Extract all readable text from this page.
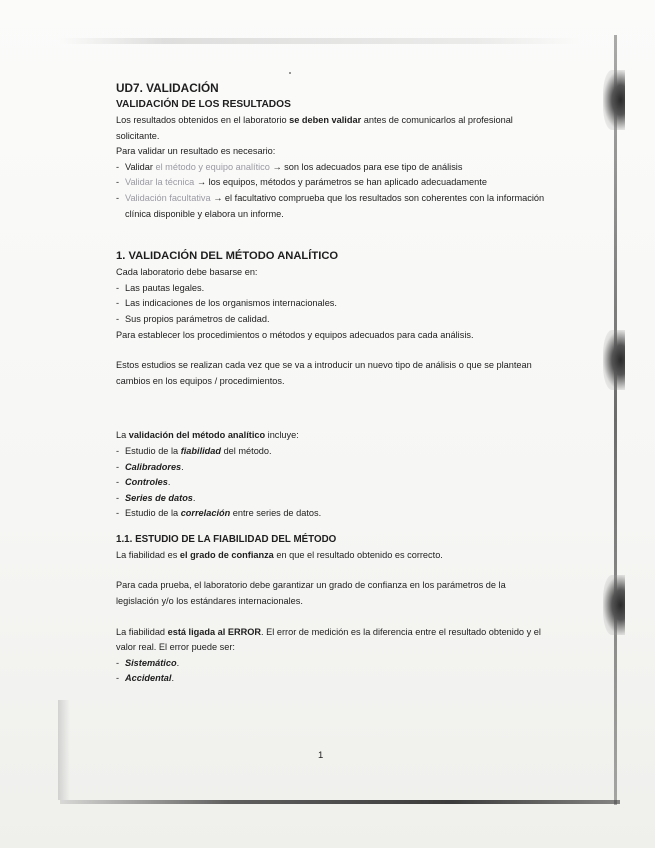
UD7. VALIDACIÓN
VALIDACIÓN DE LOS RESULTADOS

Los resultados obtenidos en el laboratorio se deben validar antes de comunicarlos al profesional solicitante.

Para validar un resultado es necesario:

- Validar el método y equipo analítico → son los adecuados para ese tipo de análisis
- Validar la técnica → los equipos, métodos y parámetros se han aplicado adecuadamente
- Validación facultativa → el facultativo comprueba que los resultados son coherentes con la información clínica disponible y elabora un informe.
1. VALIDACIÓN DEL MÉTODO ANALÍTICO

Cada laboratorio debe basarse en:

- Las pautas legales.
- Las indicaciones de los organismos internacionales.
- Sus propios parámetros de calidad.

Para establecer los procedimientos o métodos y equipos adecuados para cada análisis.

Estos estudios se realizan cada vez que se va a introducir un nuevo tipo de análisis o que se plantean cambios en los equipos / procedimientos.

La validación del método analítico incluye:

- Estudio de la fiabilidad del método.
- Calibradores.
- Controles.
- Series de datos.
- Estudio de la correlación entre series de datos.
1.1. ESTUDIO DE LA FIABILIDAD DEL MÉTODO

La fiabilidad es el grado de confianza en que el resultado obtenido es correcto.

Para cada prueba, el laboratorio debe garantizar un grado de confianza en los parámetros de la legislación y/o los estándares internacionales.

La fiabilidad está ligada al ERROR. El error de medición es la diferencia entre el resultado obtenido y el valor real. El error puede ser:

- Sistemático.
- Accidental.
1
